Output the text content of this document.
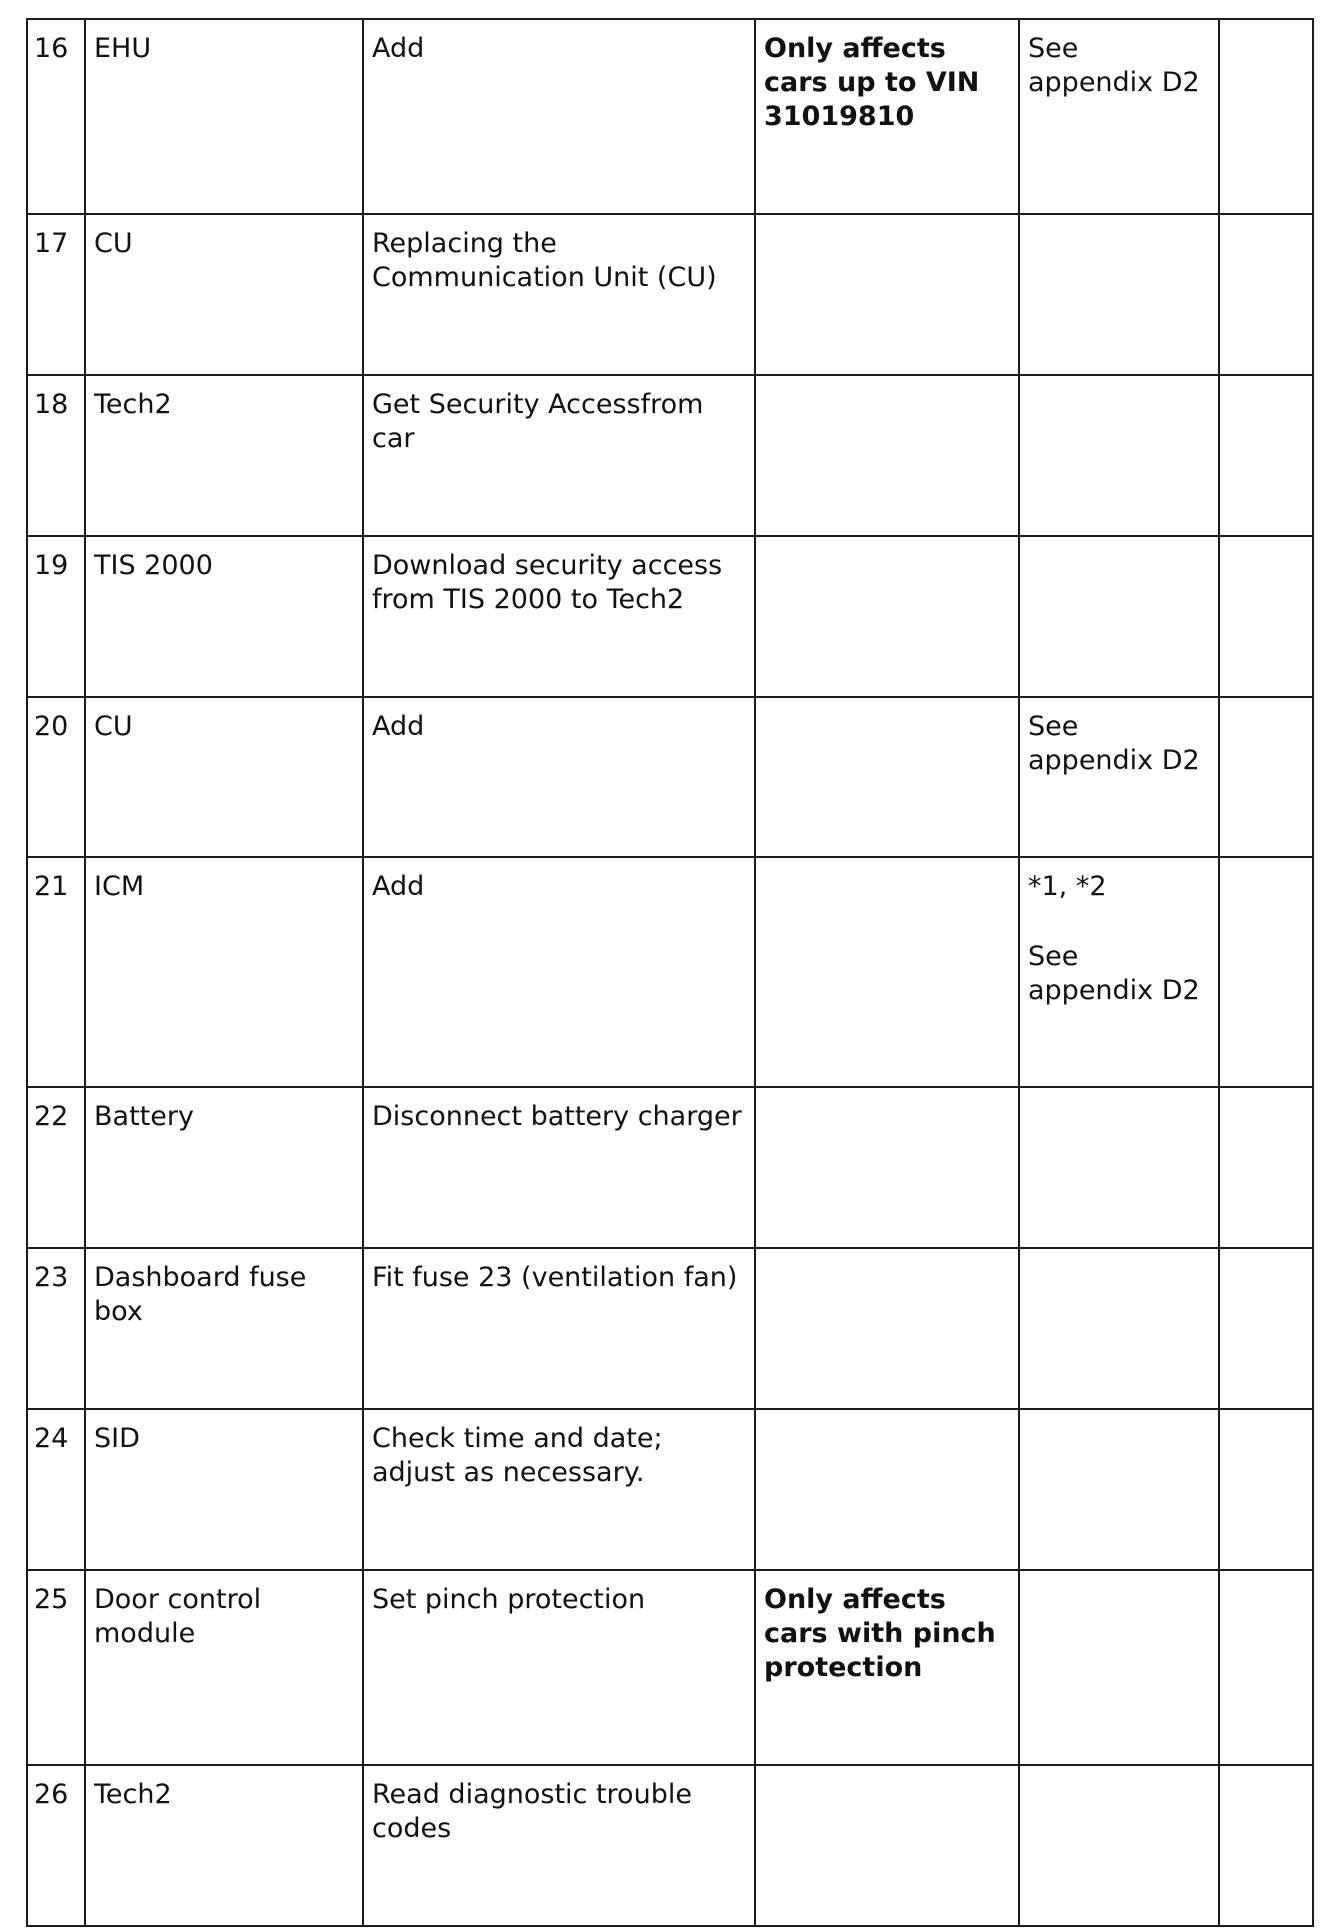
16	EHU	Add	Only affects cars up to VIN 31019810	See appendix D2	

17	CU	Replacing the Communication Unit (CU)			
18	Tech2	Get Security Accessfrom car			
19	TIS 2000	Download security access from TIS 2000 to Tech2			
20	CU	Add		See appendix D2	

21	ICM	Add		*1, *2
See appendix D2	

22	Battery	Disconnect battery charger			
23	Dashboard fuse box	Fit fuse 23 (ventilation fan)			
24	SID	Check time and date; adjust as necessary.			
25	Door control module	Set pinch protection	Only affects cars with pinch protection		
26	Tech2	Read diagnostic trouble codes			
